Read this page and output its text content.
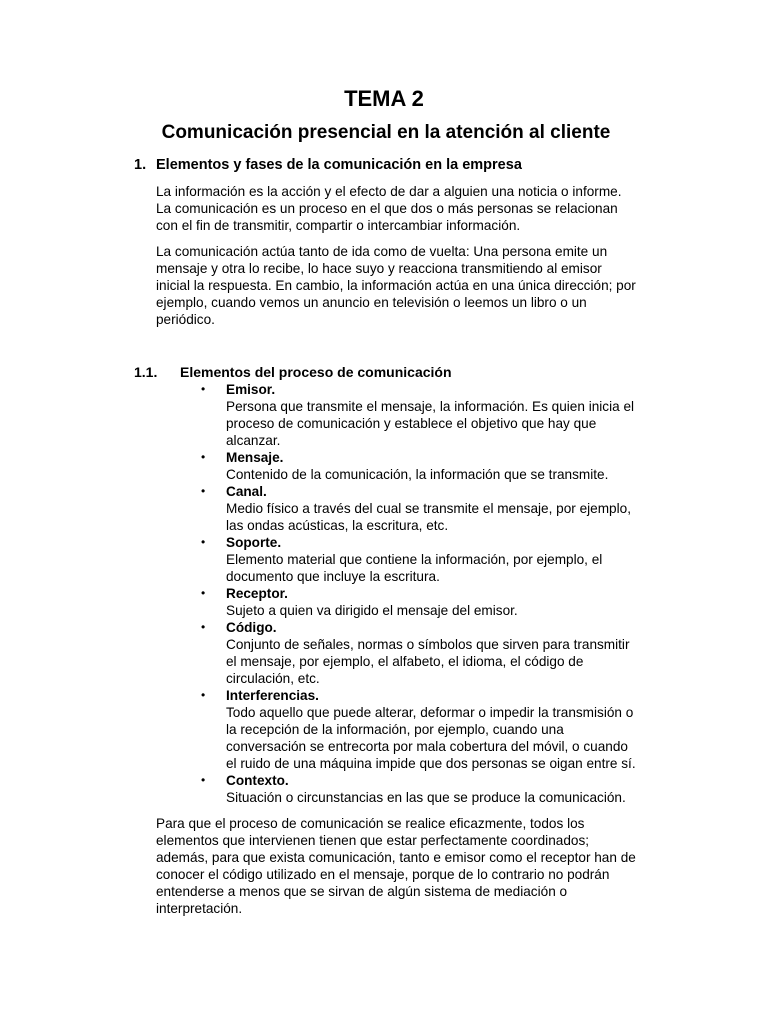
TEMA 2
Comunicación presencial en la atención al cliente
1. Elementos y fases de la comunicación en la empresa
La información es la acción y el efecto de dar a alguien una noticia o informe.
La comunicación es un proceso en el que dos o más personas se relacionan
con el fin de transmitir, compartir o intercambiar información.
La comunicación actúa tanto de ida como de vuelta: Una persona emite un
mensaje y otra lo recibe, lo hace suyo y reacciona transmitiendo al emisor
inicial la respuesta. En cambio, la información actúa en una única dirección; por
ejemplo, cuando vemos un anuncio en televisión o leemos un libro o un
periódico.
1.1. Elementos del proceso de comunicación
• Emisor.
Persona que transmite el mensaje, la información. Es quien inicia el
proceso de comunicación y establece el objetivo que hay que
alcanzar.
• Mensaje.
Contenido de la comunicación, la información que se transmite.
• Canal.
Medio físico a través del cual se transmite el mensaje, por ejemplo,
las ondas acústicas, la escritura, etc.
• Soporte.
Elemento material que contiene la información, por ejemplo, el
documento que incluye la escritura.
• Receptor.
Sujeto a quien va dirigido el mensaje del emisor.
• Código.
Conjunto de señales, normas o símbolos que sirven para transmitir
el mensaje, por ejemplo, el alfabeto, el idioma, el código de
circulación, etc.
• Interferencias.
Todo aquello que puede alterar, deformar o impedir la transmisión o
la recepción de la información, por ejemplo, cuando una
conversación se entrecorta por mala cobertura del móvil, o cuando
el ruido de una máquina impide que dos personas se oigan entre sí.
• Contexto.
Situación o circunstancias en las que se produce la comunicación.
Para que el proceso de comunicación se realice eficazmente, todos los
elementos que intervienen tienen que estar perfectamente coordinados;
además, para que exista comunicación, tanto e emisor como el receptor han de
conocer el código utilizado en el mensaje, porque de lo contrario no podrán
entenderse a menos que se sirvan de algún sistema de mediación o
interpretación.
